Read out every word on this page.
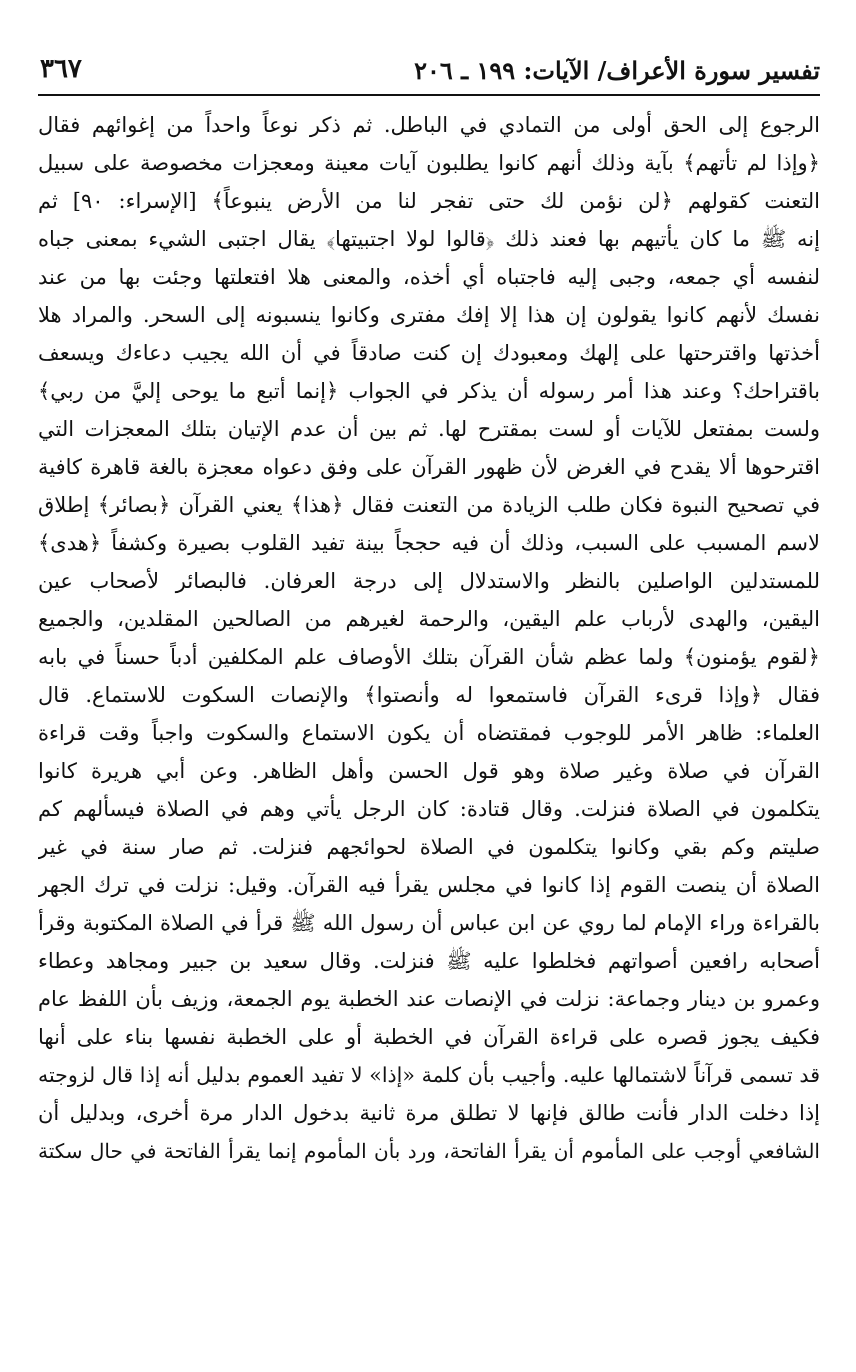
تفسير سورة الأعراف/ الآيات: ١٩٩ ـ ٢٠٦
٣٦٧
الرجوع إلى الحق أولى من التمادي في الباطل. ثم ذكر نوعاً واحداً من إغوائهم فقال
﴿وإذا لم تأتهم﴾ بآية وذلك أنهم كانوا يطلبون آيات معينة ومعجزات مخصوصة على سبيل
التعنت كقولهم ﴿لن نؤمن لك حتى تفجر لنا من الأرض ينبوعاً﴾ [الإسراء: ٩٠] ثم
إنه ﷺ ما كان يأتيهم بها فعند ذلك ﴿قالوا لولا اجتبيتها﴾ يقال اجتبى الشيء بمعنى جباه
لنفسه أي جمعه، وجبى إليه فاجتباه أي أخذه، والمعنى هلا افتعلتها وجئت بها من عند
نفسك لأنهم كانوا يقولون إن هذا إلا إفك مفترى وكانوا ينسبونه إلى السحر. والمراد هلا
أخذتها واقترحتها على إلهك ومعبودك إن كنت صادقاً في أن الله يجيب دعاءك ويسعف
باقتراحك؟ وعند هذا أمر رسوله أن يذكر في الجواب ﴿إنما أتبع ما يوحى إليَّ من ربي﴾
ولست بمفتعل للآيات أو لست بمقترح لها. ثم بين أن عدم الإتيان بتلك المعجزات التي
اقترحوها ألا يقدح في الغرض لأن ظهور القرآن على وفق دعواه معجزة بالغة قاهرة كافية
في تصحيح النبوة فكان طلب الزيادة من التعنت فقال ﴿هذا﴾ يعني القرآن ﴿بصائر﴾ إطلاق
لاسم المسبب على السبب، وذلك أن فيه حججاً بينة تفيد القلوب بصيرة وكشفاً ﴿هدى﴾
للمستدلين الواصلين بالنظر والاستدلال إلى درجة العرفان. فالبصائر لأصحاب عين
اليقين، والهدى لأرباب علم اليقين، والرحمة لغيرهم من الصالحين المقلدين، والجميع
﴿لقوم يؤمنون﴾ ولما عظم شأن القرآن بتلك الأوصاف علم المكلفين أدباً حسناً في بابه
فقال ﴿وإذا قرىء القرآن فاستمعوا له وأنصتوا﴾ والإنصات السكوت للاستماع. قال
العلماء: ظاهر الأمر للوجوب فمقتضاه أن يكون الاستماع والسكوت واجباً وقت قراءة
القرآن في صلاة وغير صلاة وهو قول الحسن وأهل الظاهر. وعن أبي هريرة كانوا
يتكلمون في الصلاة فنزلت. وقال قتادة: كان الرجل يأتي وهم في الصلاة فيسألهم كم
صليتم وكم بقي وكانوا يتكلمون في الصلاة لحوائجهم فنزلت. ثم صار سنة في غير
الصلاة أن ينصت القوم إذا كانوا في مجلس يقرأ فيه القرآن. وقيل: نزلت في ترك الجهر
بالقراءة وراء الإمام لما روي عن ابن عباس أن رسول الله ﷺ قرأ في الصلاة المكتوبة وقرأ
أصحابه رافعين أصواتهم فخلطوا عليه ﷺ فنزلت. وقال سعيد بن جبير ومجاهد وعطاء
وعمرو بن دينار وجماعة: نزلت في الإنصات عند الخطبة يوم الجمعة، وزيف بأن اللفظ عام
فكيف يجوز قصره على قراءة القرآن في الخطبة أو على الخطبة نفسها بناء على أنها
قد تسمى قرآناً لاشتمالها عليه. وأجيب بأن كلمة «إذا» لا تفيد العموم بدليل أنه إذا قال لزوجته
إذا دخلت الدار فأنت طالق فإنها لا تطلق مرة ثانية بدخول الدار مرة أخرى، وبدليل أن
الشافعي أوجب على المأموم أن يقرأ الفاتحة، ورد بأن المأموم إنما يقرأ الفاتحة في حال سكتة
